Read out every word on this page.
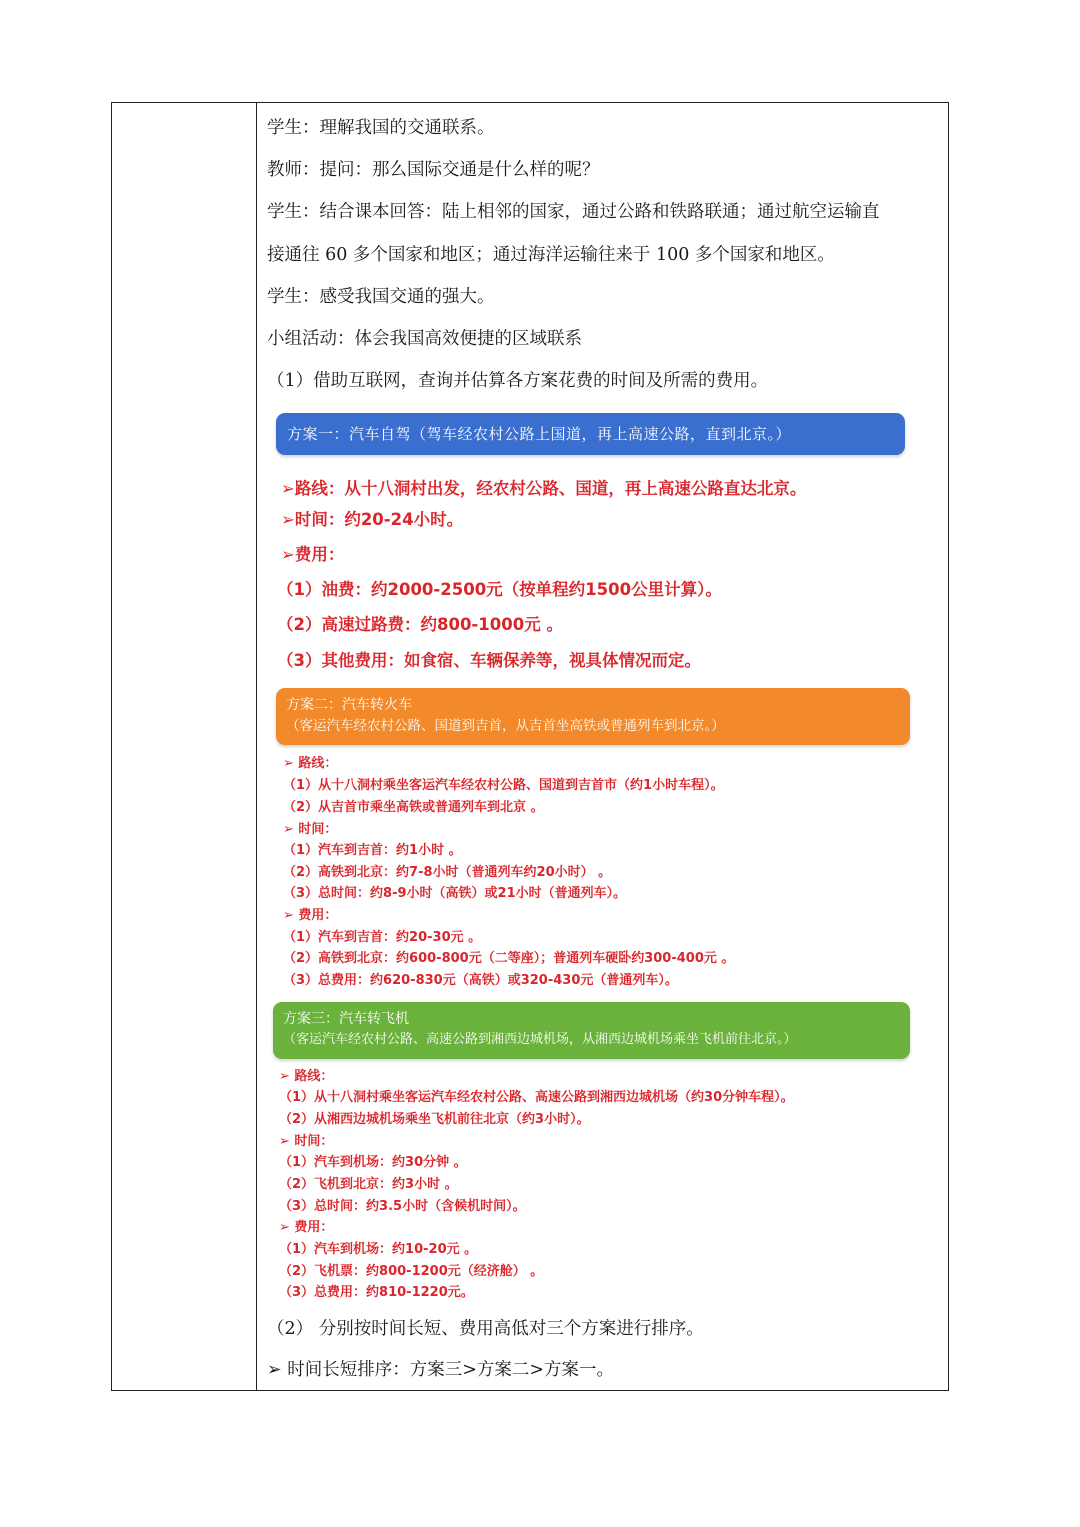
学生：理解我国的交通联系。
教师：提问：那么国际交通是什么样的呢？
学生：结合课本回答：陆上相邻的国家，通过公路和铁路联通；通过航空运输直
接通往 60 多个国家和地区；通过海洋运输往来于 100 多个国家和地区。
学生：感受我国交通的强大。
小组活动：体会我国高效便捷的区域联系
（1）借助互联网，查询并估算各方案花费的时间及所需的费用。
方案一：汽车自驾（驾车经农村公路上国道，再上高速公路，直到北京。）
➢路线：从十八洞村出发，经农村公路、国道，再上高速公路直达北京。
➢时间：约20-24小时。
➢费用：
（1）油费：约2000-2500元（按单程约1500公里计算）。
（2）高速过路费：约800-1000元 。
（3）其他费用：如食宿、车辆保养等，视具体情况而定。
方案二：汽车转火车
（客运汽车经农村公路、国道到吉首，从吉首坐高铁或普通列车到北京。）
➢ 路线：
（1）从十八洞村乘坐客运汽车经农村公路、国道到吉首市（约1小时车程）。
（2）从吉首市乘坐高铁或普通列车到北京 。
➢ 时间：
（1）汽车到吉首：约1小时 。
（2）高铁到北京：约7-8小时（普通列车约20小时） 。
（3）总时间：约8-9小时（高铁）或21小时（普通列车）。
➢ 费用：
（1）汽车到吉首：约20-30元 。
（2）高铁到北京：约600-800元（二等座）；普通列车硬卧约300-400元 。
（3）总费用：约620-830元（高铁）或320-430元（普通列车）。
方案三：汽车转飞机
（客运汽车经农村公路、高速公路到湘西边城机场，从湘西边城机场乘坐飞机前往北京。）
➢ 路线：
（1）从十八洞村乘坐客运汽车经农村公路、高速公路到湘西边城机场（约30分钟车程）。
（2）从湘西边城机场乘坐飞机前往北京（约3小时）。
➢ 时间：
（1）汽车到机场：约30分钟 。
（2）飞机到北京：约3小时 。
（3）总时间：约3.5小时（含候机时间）。
➢ 费用：
（1）汽车到机场：约10-20元 。
（2）飞机票：约800-1200元（经济舱） 。
（3）总费用：约810-1220元。
（2） 分别按时间长短、费用高低对三个方案进行排序。
➢ 时间长短排序：方案三>方案二>方案一。
